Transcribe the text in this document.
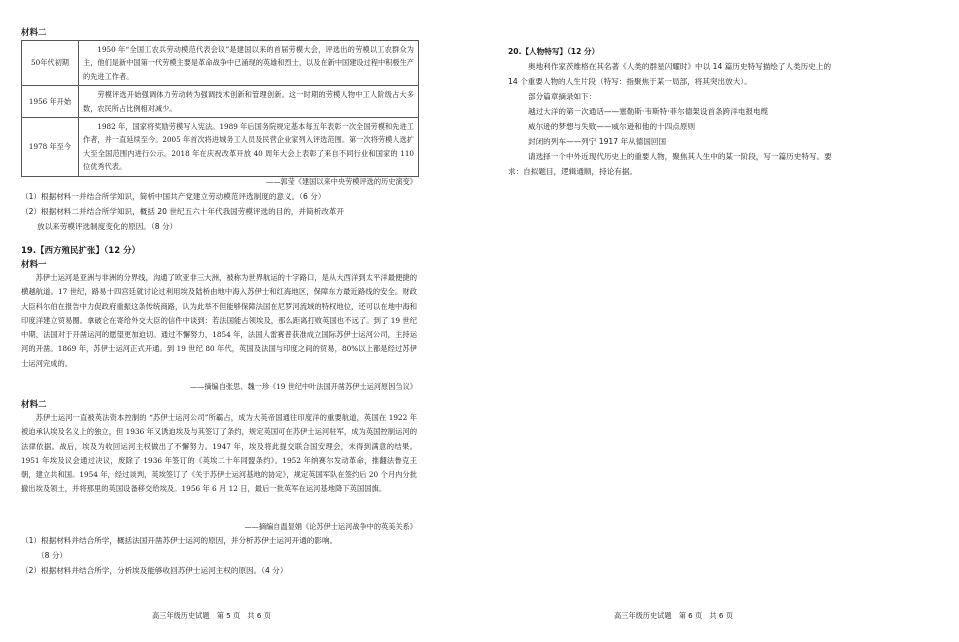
材料二
50年代初期	1950 年“全国工农兵劳动模范代表会议”是建国以来的首届劳模大会，评选出的劳模以工农群众为主，他们是新中国第一代劳模主要是革命战争中已涌现的英雄和烈士，以及在新中国建设过程中积极生产的先进工作者。
1956 年开始	劳模评选开始强调体力劳动转为强调技术创新和管理创新。这一时期的劳模人物中工人阶级占大多数，农民所占比例相对减少。
1978 年至今	1982 年，国家将奖励劳模写入宪法。1989 年后国务院规定基本每五年表彰一次全国劳模和先进工作者，并一直延续至今。2005 年首次将进城务工人员及民营企业家列入评选范围。第一次将劳模人选扩大至全国范围内进行公示。2018 年在庆祝改革开放 40 周年大会上表彰了来自不同行业和国家的 110 位优秀代表。
——郭莹《建国以来中央劳模评选的历史演变》
（1）根据材料一并结合所学知识，简析中国共产党建立劳动模范评选制度的意义。（6 分）
（2）根据材料二并结合所学知识，概括 20 世纪五六十年代我国劳模评选的目的，并简析改革开
放以来劳模评选制度变化的原因。（8 分）
19.【西方殖民扩张】（12 分）
材料一
苏伊士运河是亚洲与非洲的分界线，沟通了欧亚非三大洲，被称为世界航运的十字路口，是从大西洋到太平洋最便捷的横越航道。17 世纪，路易十四宫廷就讨论过利用埃及陆桥由地中海入苏伊士和红海地区，保障东方最近路线的安全。财政大臣科尔伯在报告中力促政府重振这条传统商路，认为此举不但能够保障法国在尼罗河流域的特权地位，还可以在地中海和印度洋建立贸易圈。拿破仑在寄给外交大臣的信件中谈到：若法国能占领埃及，那么距离打败英国也不远了。到了 19 世纪中期，法国对于开凿运河的愿望更加迫切。通过不懈努力，1854 年，法国人雷赛普获准成立国际苏伊士运河公司，主持运河的开凿。1869 年，苏伊士运河正式开通。到 19 世纪 80 年代，英国及法国与印度之间的贸易，80%以上都是经过苏伊士运河完成的。
——摘编自张思、魏一珍《19 世纪中叶法国开凿苏伊士运河原因刍议》
材料二
苏伊士运河一直被英法资本控制的 “苏伊士运河公司”所霸占，成为大英帝国通往印度洋的重要航道，英国在 1922 年被迫承认埃及名义上的独立，但 1936 年又诱迫埃及与其签订了条约，规定英国可在苏伊士运河驻军，成为英国控制运河的法律依据。战后，埃及为收回运河主权做出了不懈努力。1947 年，埃及将此提交联合国安理会，未得到满意的结果。1951 年埃及议会通过决议，废除了 1936 年签订的《英埃二十年同盟条约》。1952 年纳赛尔发动革命，推翻法鲁克王朝，建立共和国。1954 年，经过谈判，英埃签订了《关于苏伊士运河基地的协定》，规定英国军队在签约后 20 个月内分批撤出埃及领土，并将那里的英国设备移交给埃及。1956 年 6 月 12 日，最后一批英军在运河基地降下英国国旗。
——摘编自温显娟《论苏伊士运河战争中的英美关系》
（1）根据材料并结合所学，概括法国开凿苏伊士运河的原因，并分析苏伊士运河开通的影响。
（8 分）
（2）根据材料并结合所学，分析埃及能够收回苏伊士运河主权的原因。（4 分）
高三年级历史试题　第 5 页　共 6 页
20.【人物特写】（12 分）
奥地利作家茨维格在其名著《人类的群星闪耀时》中以 14 篇历史特写描绘了人类历史上的
14 个重要人物的人生片段（特写：指聚焦于某一局部，将其突出放大）。
部分篇章摘录如下：
越过大洋的第一次通话——塞勒斯·韦斯特·菲尔德架设首条跨洋电报电缆
威尔逊的梦想与失败——威尔逊和他的十四点原则
封闭的列车——列宁 1917 年从德国回国
请选择一个中外近现代历史上的重要人物，聚焦其人生中的某一阶段，写一篇历史特写。要
求：自拟题目，逻辑通顺，持论有据。
高三年级历史试题　第 6 页　共 6 页
